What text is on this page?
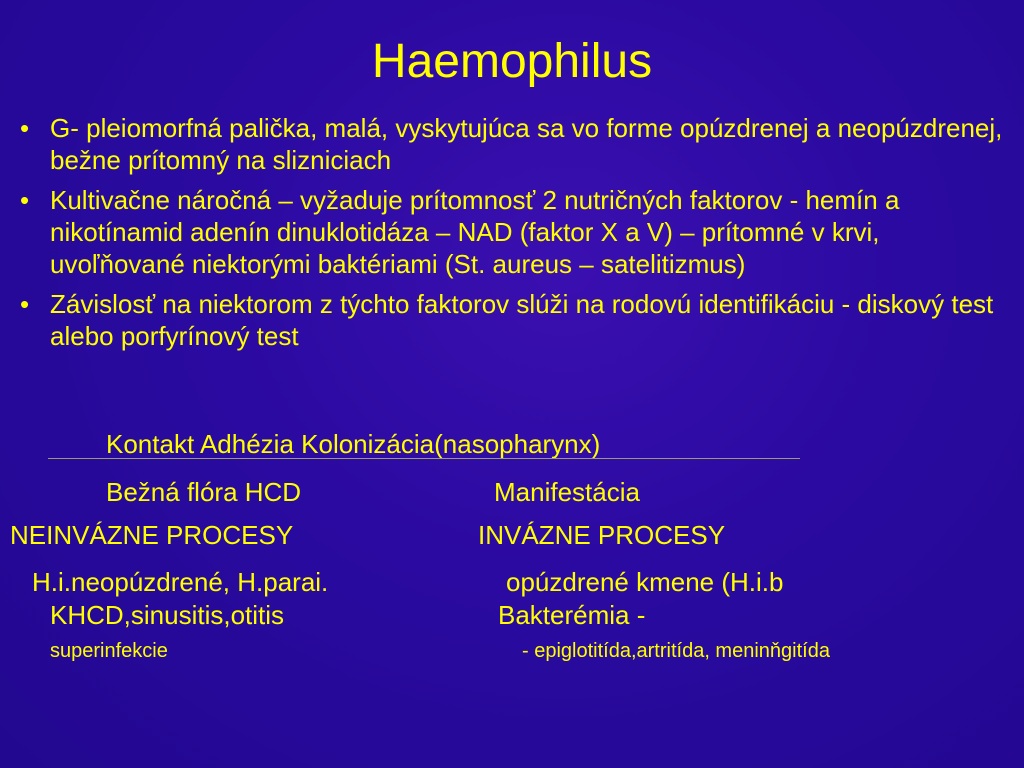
Haemophilus
• G- pleiomorfná palička, malá, vyskytujúca sa vo forme opúzdrenej a neopúzdrenej, bežne prítomný na slizniciach
• Kultivačne náročná – vyžaduje prítomnosť 2 nutričných faktorov - hemín a nikotínamid adenín dinuklotidáza – NAD (faktor X a V) – prítomné v krvi, uvoľňované niektorými baktériami (St. aureus – satelitizmus)
• Závislosť na niektorom z týchto faktorov slúži na rodovú identifikáciu - diskový test alebo porfyrínový test
Kontakt Adhézia Kolonizácia(nasopharynx)
Bežná flóra HCD	Manifestácia
NEINVÁZNE PROCESY	INVÁZNE PROCESY
H.i.neopúzdrené, H.parai.	opúzdrené kmene (H.i.b
KHCD,sinusitis,otitis	Bakterémia -
superinfekcie	- epiglotitída,artritída, meninňgitída
